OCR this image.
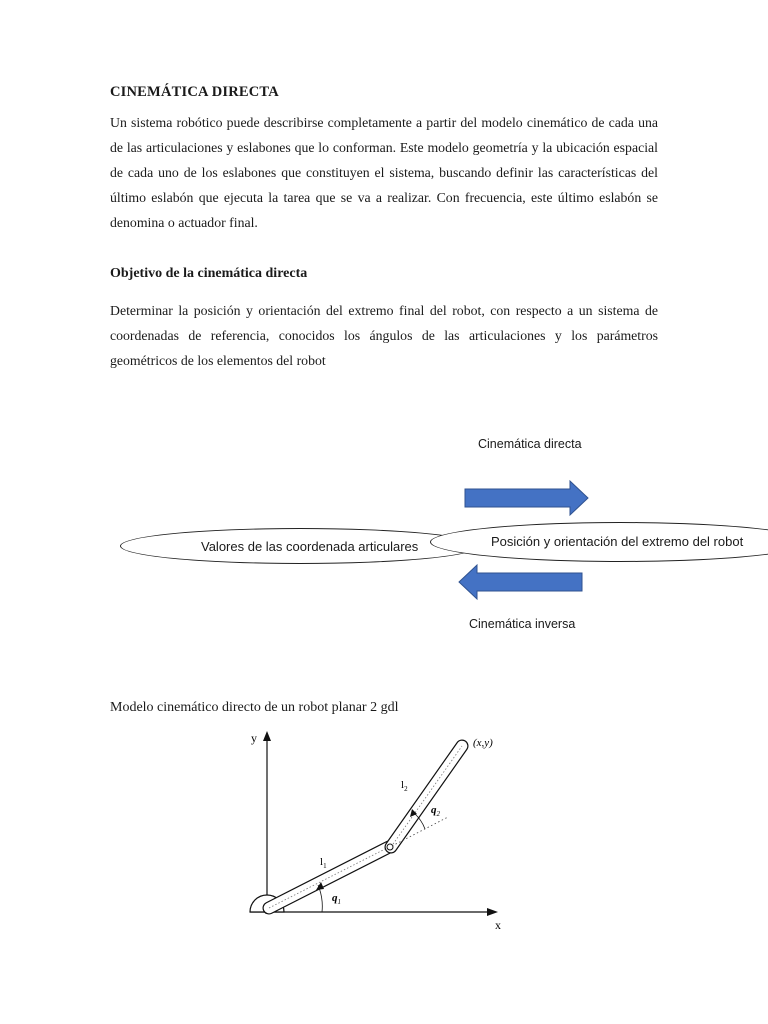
CINEMÁTICA DIRECTA

Un sistema robótico puede describirse completamente a partir del modelo cinemático de cada una de las articulaciones y eslabones que lo conforman. Este modelo geometría y la ubicación espacial de cada uno de los eslabones que constituyen el sistema, buscando definir las características del último eslabón que ejecuta la tarea que se va a realizar. Con frecuencia, este último eslabón se denomina o actuador final.

Objetivo de la cinemática directa

Determinar la posición y orientación del extremo final del robot, con respecto a un sistema de coordenadas de referencia, conocidos los ángulos de las articulaciones y los parámetros geométricos de los elementos del robot

Cinemática directa
Valores de las coordenada articulares	Posición y orientación del extremo del robot
Cinemática inversa
Modelo cinemático directo de un robot planar 2 gdl
y
x
$l_1$
$l_2$
$q_1$
$q_2$
(x,y)
